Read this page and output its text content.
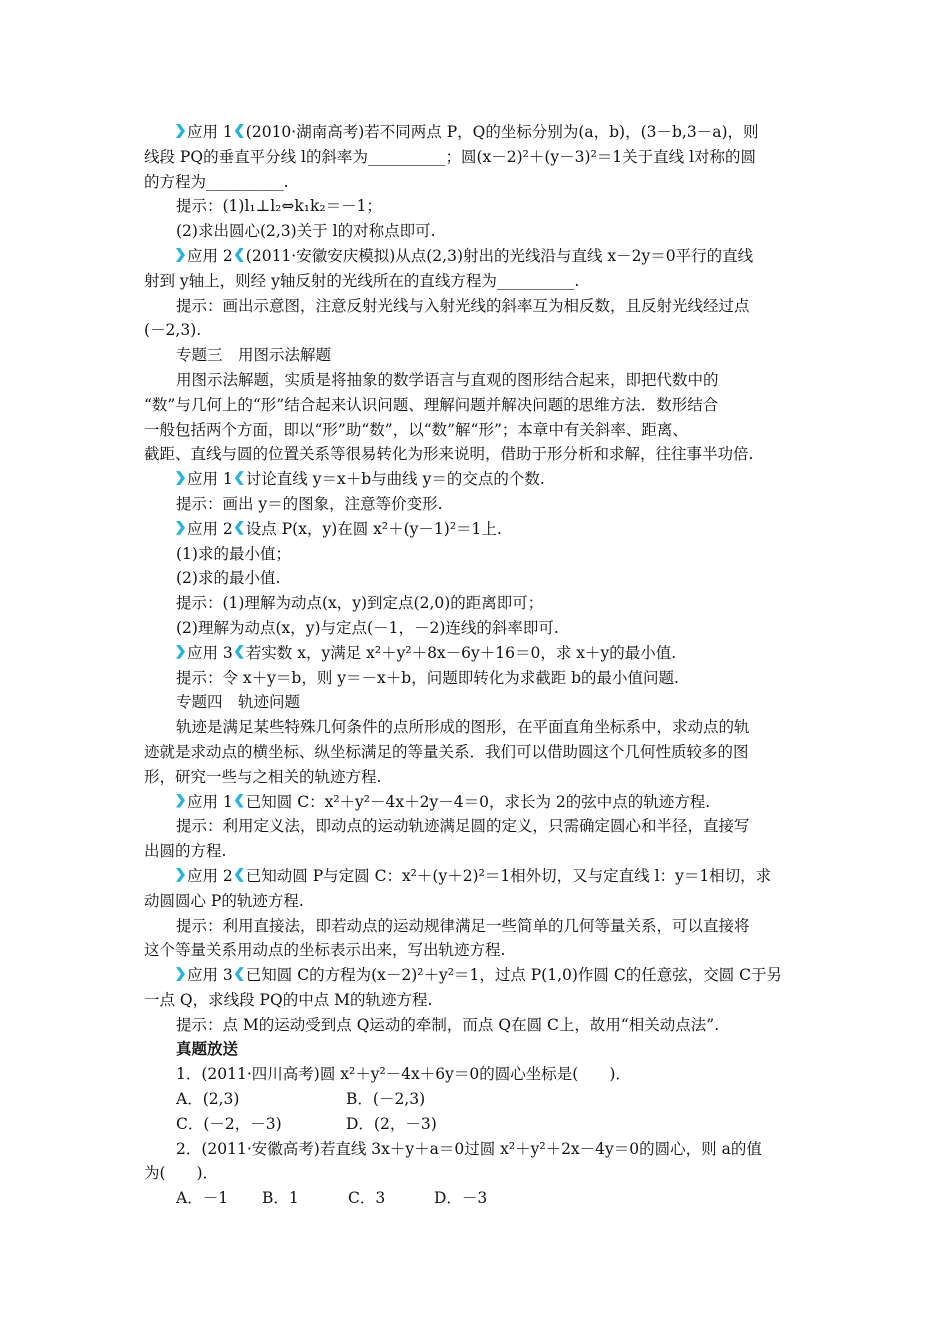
应用 1 (2010·湖南高考)若不同两点 P，Q的坐标分别为(a，b)，(3－b,3－a)，则
线段 PQ的垂直平分线 l的斜率为__________；圆(x－2)²＋(y－3)²＝1关于直线 l对称的圆
的方程为__________.
提示：(1)l₁⊥l₂⇔k₁k₂＝－1；
(2)求出圆心(2,3)关于 l的对称点即可.
应用 2 (2011·安徽安庆模拟)从点(2,3)射出的光线沿与直线 x－2y＝0平行的直线
射到 y轴上，则经 y轴反射的光线所在的直线方程为__________.
提示：画出示意图，注意反射光线与入射光线的斜率互为相反数，且反射光线经过点
(－2,3).
专题三　用图示法解题
用图示法解题，实质是将抽象的数学语言与直观的图形结合起来，即把代数中的
“数”与几何上的“形”结合起来认识问题、理解问题并解决问题的思维方法．数形结合
一般包括两个方面，即以“形”助“数”，以“数”解“形”；本章中有关斜率、距离、
截距、直线与圆的位置关系等很易转化为形来说明，借助于形分析和求解，往往事半功倍.
应用 1 讨论直线 y＝x＋b与曲线 y＝的交点的个数.
提示：画出 y＝的图象，注意等价变形.
应用 2 设点 P(x，y)在圆 x²＋(y－1)²＝1上.
(1)求的最小值；
(2)求的最小值.
提示：(1)理解为动点(x，y)到定点(2,0)的距离即可；
(2)理解为动点(x，y)与定点(－1，－2)连线的斜率即可.
应用 3 若实数 x，y满足 x²＋y²＋8x－6y＋16＝0，求 x＋y的最小值.
提示：令 x＋y＝b，则 y＝－x＋b，问题即转化为求截距 b的最小值问题.
专题四　轨迹问题
轨迹是满足某些特殊几何条件的点所形成的图形，在平面直角坐标系中，求动点的轨
迹就是求动点的横坐标、纵坐标满足的等量关系．我们可以借助圆这个几何性质较多的图
形，研究一些与之相关的轨迹方程.
应用 1 已知圆 C：x²＋y²－4x＋2y－4＝0，求长为 2的弦中点的轨迹方程.
提示：利用定义法，即动点的运动轨迹满足圆的定义，只需确定圆心和半径，直接写
出圆的方程.
应用 2 已知动圆 P与定圆 C：x²＋(y＋2)²＝1相外切，又与定直线 l：y＝1相切，求
动圆圆心 P的轨迹方程.
提示：利用直接法，即若动点的运动规律满足一些简单的几何等量关系，可以直接将
这个等量关系用动点的坐标表示出来，写出轨迹方程.
应用 3 已知圆 C的方程为(x－2)²＋y²＝1，过点 P(1,0)作圆 C的任意弦，交圆 C于另
一点 Q，求线段 PQ的中点 M的轨迹方程.
提示：点 M的运动受到点 Q运动的牵制，而点 Q在圆 C上，故用“相关动点法”.
真题放送
1．(2011·四川高考)圆 x²＋y²－4x＋6y＝0的圆心坐标是(　　)．
A．(2,3)	B．(－2,3)
C．(－2，－3)	D．(2，－3)
2．(2011·安徽高考)若直线 3x＋y＋a＝0过圆 x²＋y²＋2x－4y＝0的圆心，则 a的值
为(　　)．
A．－1 B．1	C．3	D．－3
